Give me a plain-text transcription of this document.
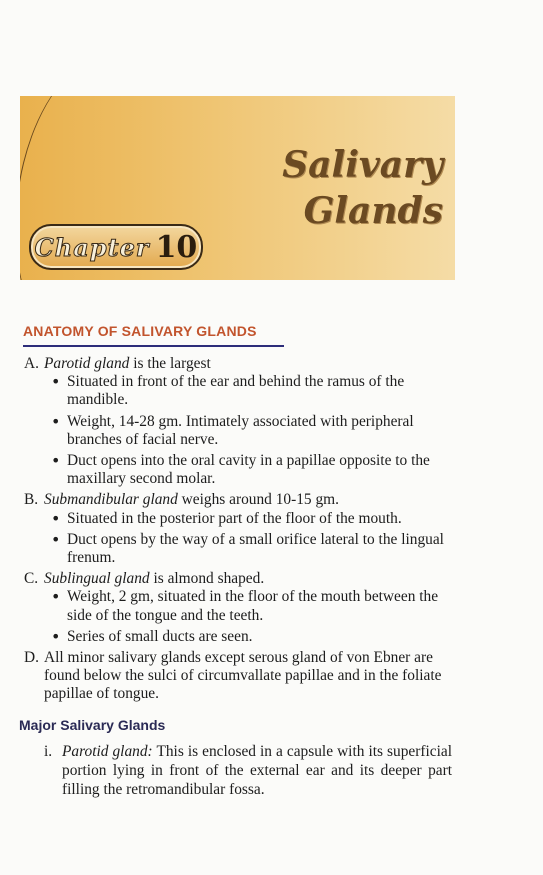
Salivary
Glands
Chapter 10
ANATOMY OF SALIVARY GLANDS
A. Parotid gland is the largest
• Situated in front of the ear and behind the ramus of the mandible.
• Weight, 14-28 gm. Intimately associated with peripheral branches of facial nerve.
• Duct opens into the oral cavity in a papillae opposite to the maxillary second molar.
B. Submandibular gland weighs around 10-15 gm.
• Situated in the posterior part of the floor of the mouth.
• Duct opens by the way of a small orifice lateral to the lingual frenum.
C. Sublingual gland is almond shaped.
• Weight, 2 gm, situated in the floor of the mouth between the side of the tongue and the teeth.
• Series of small ducts are seen.
D. All minor salivary glands except serous gland of von Ebner are found below the sulci of circumvallate papillae and in the foliate papillae of tongue.
Major Salivary Glands
i. Parotid gland: This is enclosed in a capsule with its superficial portion lying in front of the external ear and its deeper part filling the retromandibular fossa.
